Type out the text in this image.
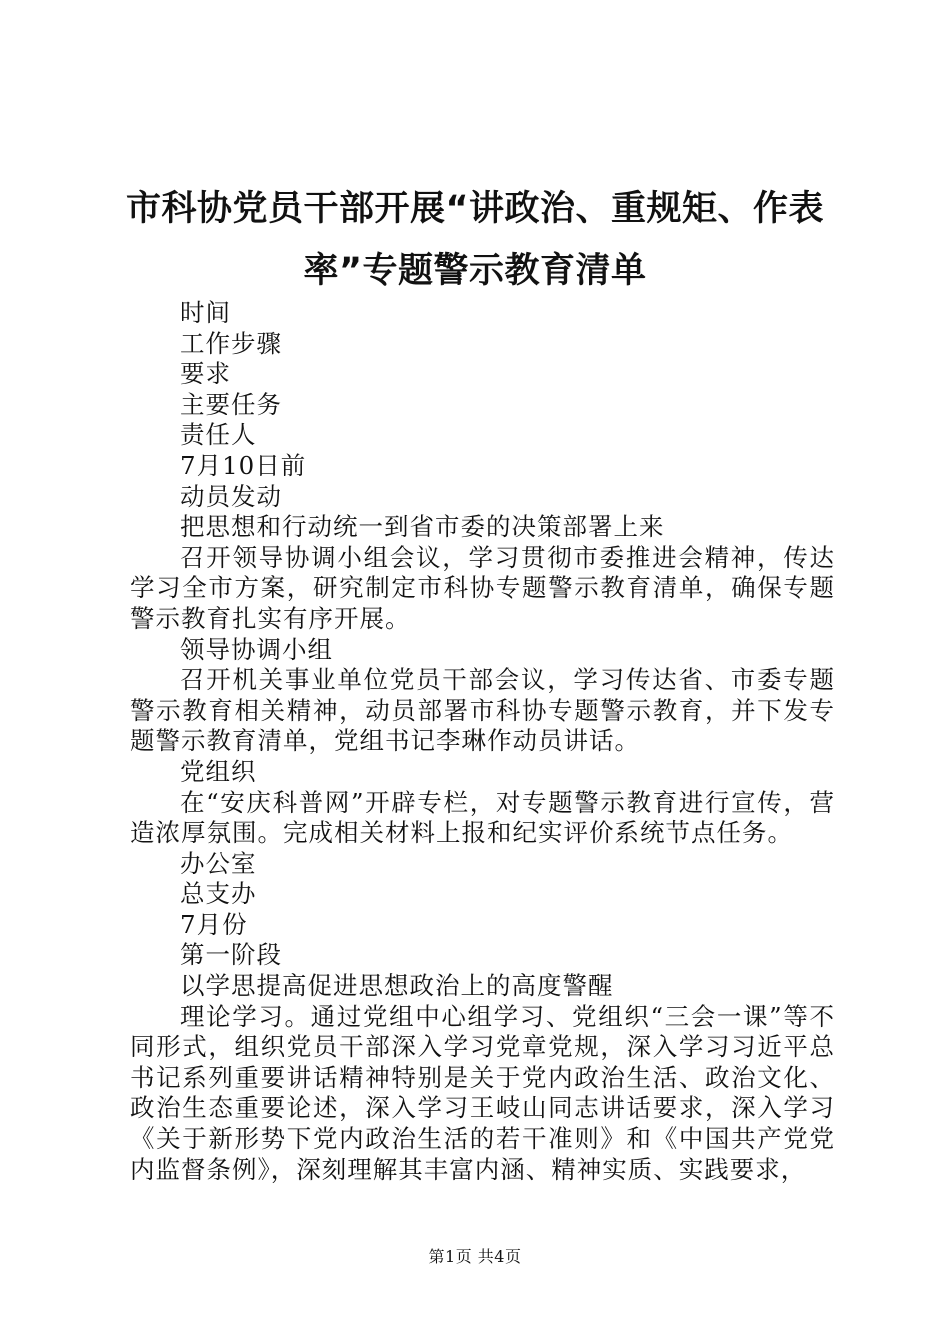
市科协党员干部开展“讲政治、重规矩、作表率”专题警示教育清单

时间

工作步骤

要求

主要任务

责任人

7月10日前

动员发动

把思想和行动统一到省市委的决策部署上来

召开领导协调小组会议，学习贯彻市委推进会精神，传达学习全市方案，研究制定市科协专题警示教育清单，确保专题警示教育扎实有序开展。

领导协调小组

召开机关事业单位党员干部会议，学习传达省、市委专题警示教育相关精神，动员部署市科协专题警示教育，并下发专题警示教育清单，党组书记李琳作动员讲话。

党组织

在“安庆科普网”开辟专栏，对专题警示教育进行宣传，营造浓厚氛围。完成相关材料上报和纪实评价系统节点任务。

办公室

总支办

7月份

第一阶段

以学思提高促进思想政治上的高度警醒

理论学习。通过党组中心组学习、党组织“三会一课”等不同形式，组织党员干部深入学习党章党规，深入学习习近平总书记系列重要讲话精神特别是关于党内政治生活、政治文化、政治生态重要论述，深入学习王岐山同志讲话要求，深入学习《关于新形势下党内政治生活的若干准则》和《中国共产党党内监督条例》，深刻理解其丰富内涵、精神实质、实践要求，

第1页 共4页
